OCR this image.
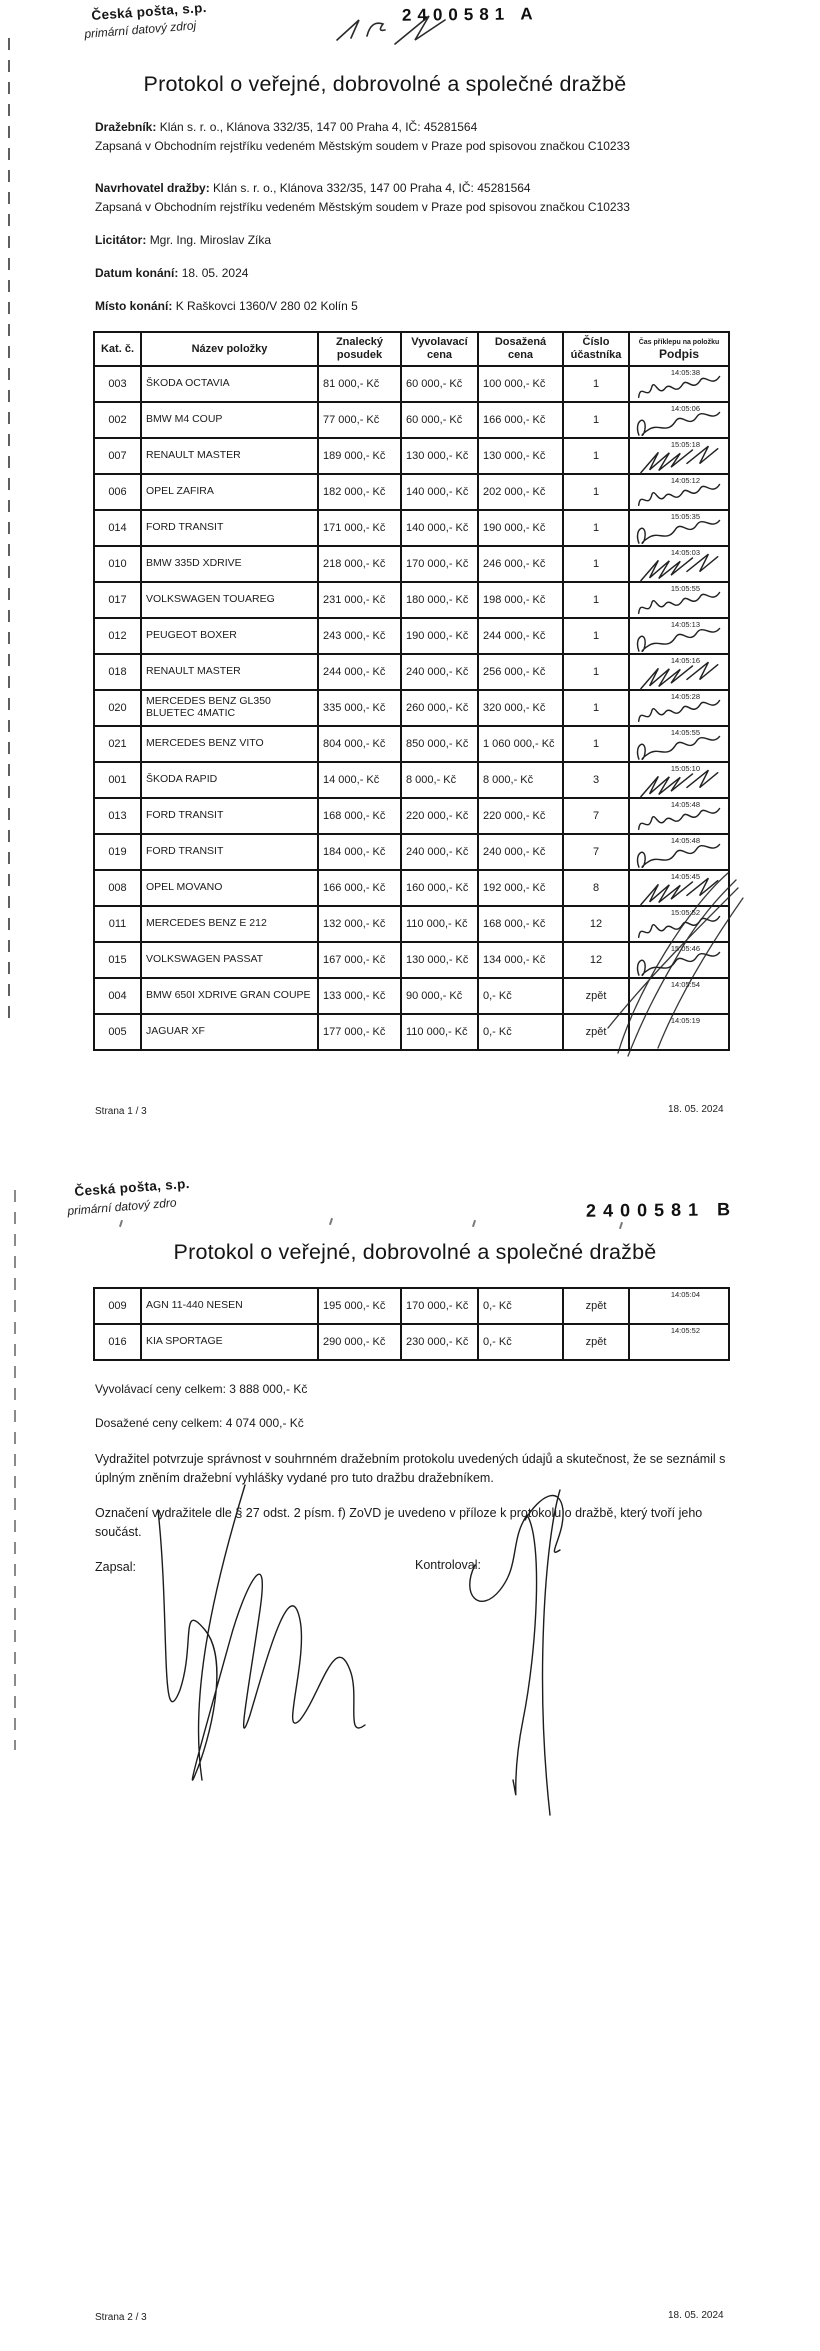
Česká pošta, s.p.
primární datový zdroj
2400581 A
Protokol o veřejné, dobrovolné a společné dražbě
Dražebník: Klán s. r. o., Klánova 332/35, 147 00 Praha 4, IČ: 45281564
Zapsaná v Obchodním rejstříku vedeném Městským soudem v Praze pod spisovou značkou C10233
Navrhovatel dražby: Klán s. r. o., Klánova 332/35, 147 00 Praha 4, IČ: 45281564
Zapsaná v Obchodním rejstříku vedeném Městským soudem v Praze pod spisovou značkou C10233
Licitátor: Mgr. Ing. Miroslav Zíka
Datum konání: 18. 05. 2024
Místo konání: K Raškovci 1360/V 280 02 Kolín 5
Kat. č.	Název položky	Znalecký posudek	Vyvolavací cena	Dosažená cena	Číslo účastníka	Čas příklepu na položku
Podpis

003	ŠKODA OCTAVIA	81 000,- Kč	60 000,- Kč	100 000,- Kč	1	14:05:38

002	BMW M4 COUP	77 000,- Kč	60 000,- Kč	166 000,- Kč	1	14:05:06

007	RENAULT MASTER	189 000,- Kč	130 000,- Kč	130 000,- Kč	1	15:05:18

006	OPEL ZAFIRA	182 000,- Kč	140 000,- Kč	202 000,- Kč	1	14:05:12

014	FORD TRANSIT	171 000,- Kč	140 000,- Kč	190 000,- Kč	1	15:05:35

010	BMW 335D XDRIVE	218 000,- Kč	170 000,- Kč	246 000,- Kč	1	14:05:03

017	VOLKSWAGEN TOUAREG	231 000,- Kč	180 000,- Kč	198 000,- Kč	1	15:05:55

012	PEUGEOT BOXER	243 000,- Kč	190 000,- Kč	244 000,- Kč	1	14:05:13

018	RENAULT MASTER	244 000,- Kč	240 000,- Kč	256 000,- Kč	1	14:05:16

020	MERCEDES BENZ GL350 BLUETEC 4MATIC	335 000,- Kč	260 000,- Kč	320 000,- Kč	1	14:05:28

021	MERCEDES BENZ VITO	804 000,- Kč	850 000,- Kč	1 060 000,- Kč	1	14:05:55

001	ŠKODA RAPID	14 000,- Kč	8 000,- Kč	8 000,- Kč	3	15:05:10

013	FORD TRANSIT	168 000,- Kč	220 000,- Kč	220 000,- Kč	7	14:05:48

019	FORD TRANSIT	184 000,- Kč	240 000,- Kč	240 000,- Kč	7	14:05:48

008	OPEL MOVANO	166 000,- Kč	160 000,- Kč	192 000,- Kč	8	14:05:45

011	MERCEDES BENZ E 212	132 000,- Kč	110 000,- Kč	168 000,- Kč	12	15:05:52

015	VOLKSWAGEN PASSAT	167 000,- Kč	130 000,- Kč	134 000,- Kč	12	15:05:46

004	BMW 650I XDRIVE GRAN COUPE	133 000,- Kč	90 000,- Kč	0,- Kč	zpět	14:05:54

005	JAGUAR XF	177 000,- Kč	110 000,- Kč	0,- Kč	zpět	14:05:19
Strana 1 / 3	18. 05. 2024
Česká pošta, s.p.
primární datový zdro	2400581 B
Protokol o veřejné, dobrovolné a společné dražbě
009	AGN 11-440 NESEN	195 000,- Kč	170 000,- Kč	0,- Kč	zpět	14:05:04

016	KIA SPORTAGE	290 000,- Kč	230 000,- Kč	0,- Kč	zpět	14:05:52
Vyvolávací ceny celkem: 3 888 000,- Kč
Dosažené ceny celkem: 4 074 000,- Kč
Vydražitel potvrzuje správnost v souhrnném dražebním protokolu uvedených údajů a skutečnost, že se seznámil s úplným zněním dražební vyhlášky vydané pro tuto dražbu dražebníkem.
Označení vydražitele dle § 27 odst. 2 písm. f) ZoVD je uvedeno v příloze k protokolu o dražbě, který tvoří jeho součást.
Zapsal:	Kontroloval:
Strana 2 / 3	18. 05. 2024
